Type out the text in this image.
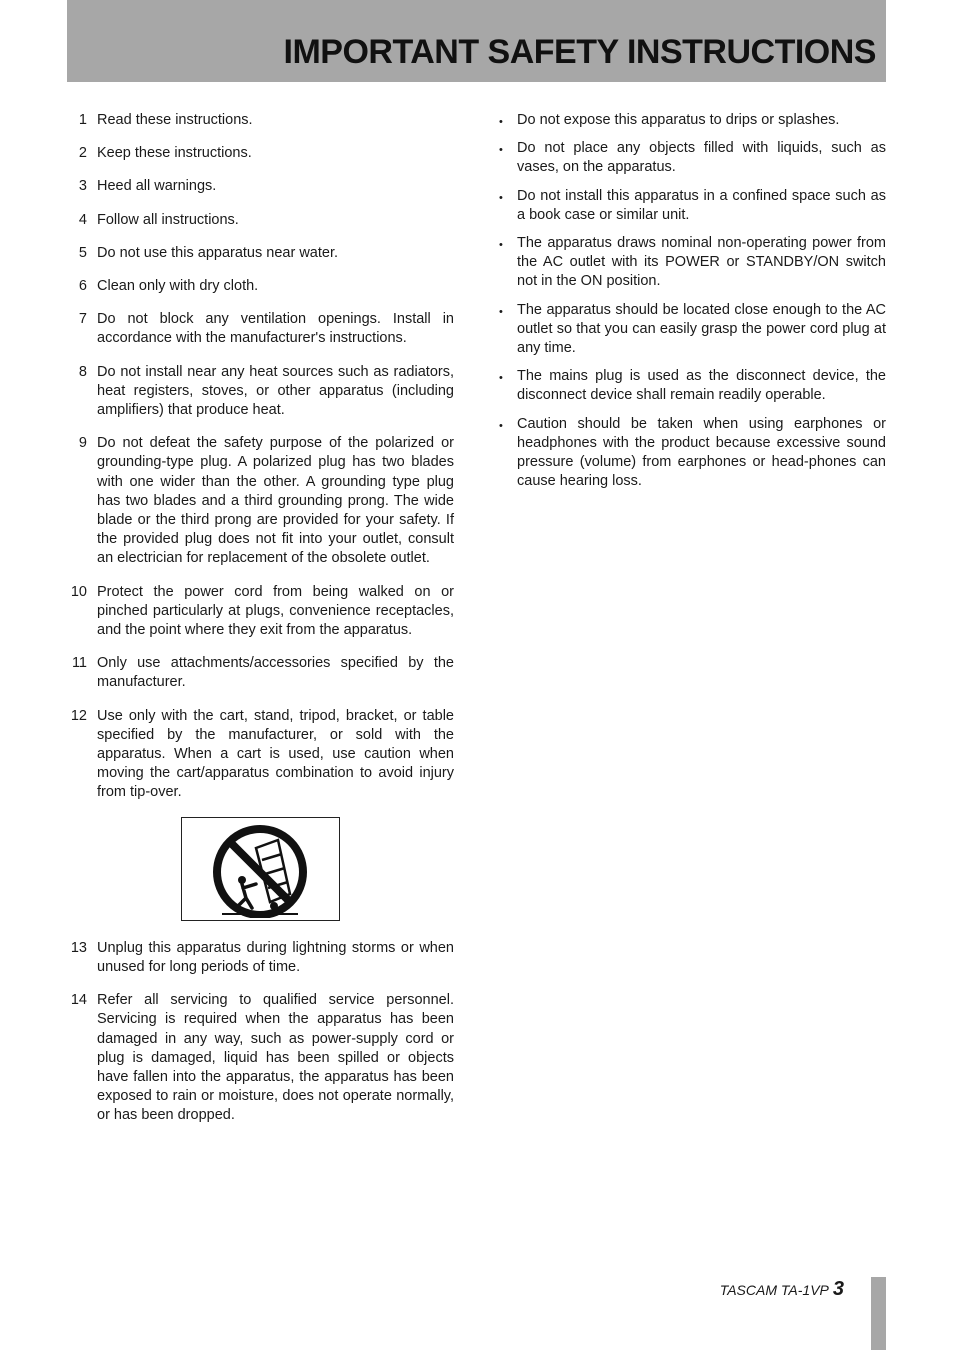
IMPORTANT SAFETY INSTRUCTIONS
1 Read these instructions.
2 Keep these instructions.
3 Heed all warnings.
4 Follow all instructions.
5 Do not use this apparatus near water.
6 Clean only with dry cloth.
7 Do not block any ventilation openings. Install in accordance with the manufacturer's instructions.
8 Do not install near any heat sources such as radiators, heat registers, stoves, or other apparatus (including amplifiers) that produce heat.
9 Do not defeat the safety purpose of the polarized or grounding-type plug. A polarized plug has two blades with one wider than the other. A grounding type plug has two blades and a third grounding prong. The wide blade or the third prong are provided for your safety. If the provided plug does not fit into your outlet, consult an electrician for replacement of the obsolete outlet.
10 Protect the power cord from being walked on or pinched particularly at plugs, convenience receptacles, and the point where they exit from the apparatus.
11 Only use attachments/accessories specified by the manufacturer.
12 Use only with the cart, stand, tripod, bracket, or table specified by the manufacturer, or sold with the apparatus. When a cart is used, use caution when moving the cart/apparatus combination to avoid injury from tip-over.
13 Unplug this apparatus during lightning storms or when unused for long periods of time.
14 Refer all servicing to qualified service personnel. Servicing is required when the apparatus has been damaged in any way, such as power-supply cord or plug is damaged, liquid has been spilled or objects have fallen into the apparatus, the apparatus has been exposed to rain or moisture, does not operate normally, or has been dropped.
• Do not expose this apparatus to drips or splashes.
• Do not place any objects filled with liquids, such as vases, on the apparatus.
• Do not install this apparatus in a confined space such as a book case or similar unit.
• The apparatus draws nominal non-operating power from the AC outlet with its POWER or STANDBY/ON switch not in the ON position.
• The apparatus should be located close enough to the AC outlet so that you can easily grasp the power cord plug at any time.
• The mains plug is used as the disconnect device, the disconnect device shall remain readily operable.
• Caution should be taken when using earphones or headphones with the product because excessive sound pressure (volume) from earphones or head-phones can cause hearing loss.
TASCAM TA-1VP 3
